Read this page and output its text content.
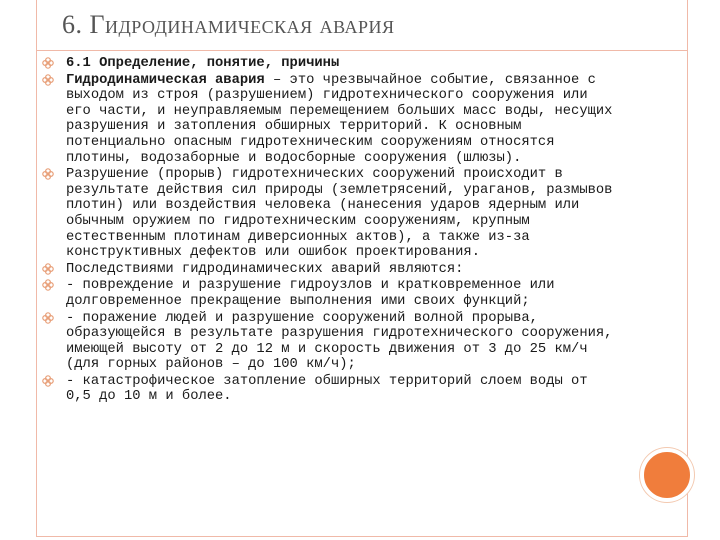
6. Гидродинамическая авария
6.1 Определение, понятие, причины
Гидродинамическая авария – это чрезвычайное событие, связанное с выходом из строя (разрушением) гидротехнического сооружения или его части, и неуправляемым перемещением больших масс воды, несущих разрушения и затопления обширных территорий. К основным потенциально опасным гидротехническим сооружениям относятся плотины, водозаборные и водосборные сооружения (шлюзы).
Разрушение (прорыв) гидротехнических сооружений происходит в результате действия сил природы (землетрясений, ураганов, размывов плотин) или воздействия человека (нанесения ударов ядерным или обычным оружием по гидротехническим сооружениям, крупным естественным плотинам диверсионных актов), а также из-за конструктивных дефектов или ошибок проектирования.
Последствиями гидродинамических аварий являются:
- повреждение и разрушение гидроузлов и кратковременное или долговременное прекращение выполнения ими своих функций;
- поражение людей и разрушение сооружений волной прорыва, образующейся в результате разрушения гидротехнического сооружения, имеющей высоту от 2 до 12 м и скорость движения от 3 до 25 км/ч (для горных районов – до 100 км/ч);
- катастрофическое затопление обширных территорий слоем воды от 0,5 до 10 м и более.
